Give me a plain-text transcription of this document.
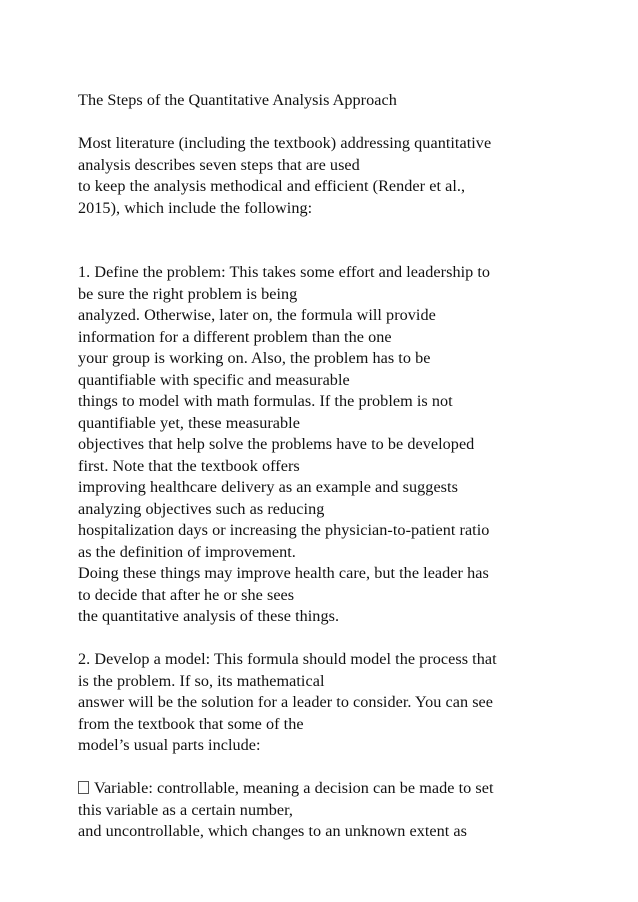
The Steps of the Quantitative Analysis Approach
Most literature (including the textbook) addressing quantitative
analysis describes seven steps that are used
to keep the analysis methodical and efficient (Render et al.,
2015), which include the following:
1. Define the problem: This takes some effort and leadership to
be sure the right problem is being
analyzed. Otherwise, later on, the formula will provide
information for a different problem than the one
your group is working on. Also, the problem has to be
quantifiable with specific and measurable
things to model with math formulas. If the problem is not
quantifiable yet, these measurable
objectives that help solve the problems have to be developed
first. Note that the textbook offers
improving healthcare delivery as an example and suggests
analyzing objectives such as reducing
hospitalization days or increasing the physician-to-patient ratio
as the definition of improvement.
Doing these things may improve health care, but the leader has
to decide that after he or she sees
the quantitative analysis of these things.
2. Develop a model: This formula should model the process that
is the problem. If so, its mathematical
answer will be the solution for a leader to consider. You can see
from the textbook that some of the
model’s usual parts include:
Variable: controllable, meaning a decision can be made to set
this variable as a certain number,
and uncontrollable, which changes to an unknown extent as
